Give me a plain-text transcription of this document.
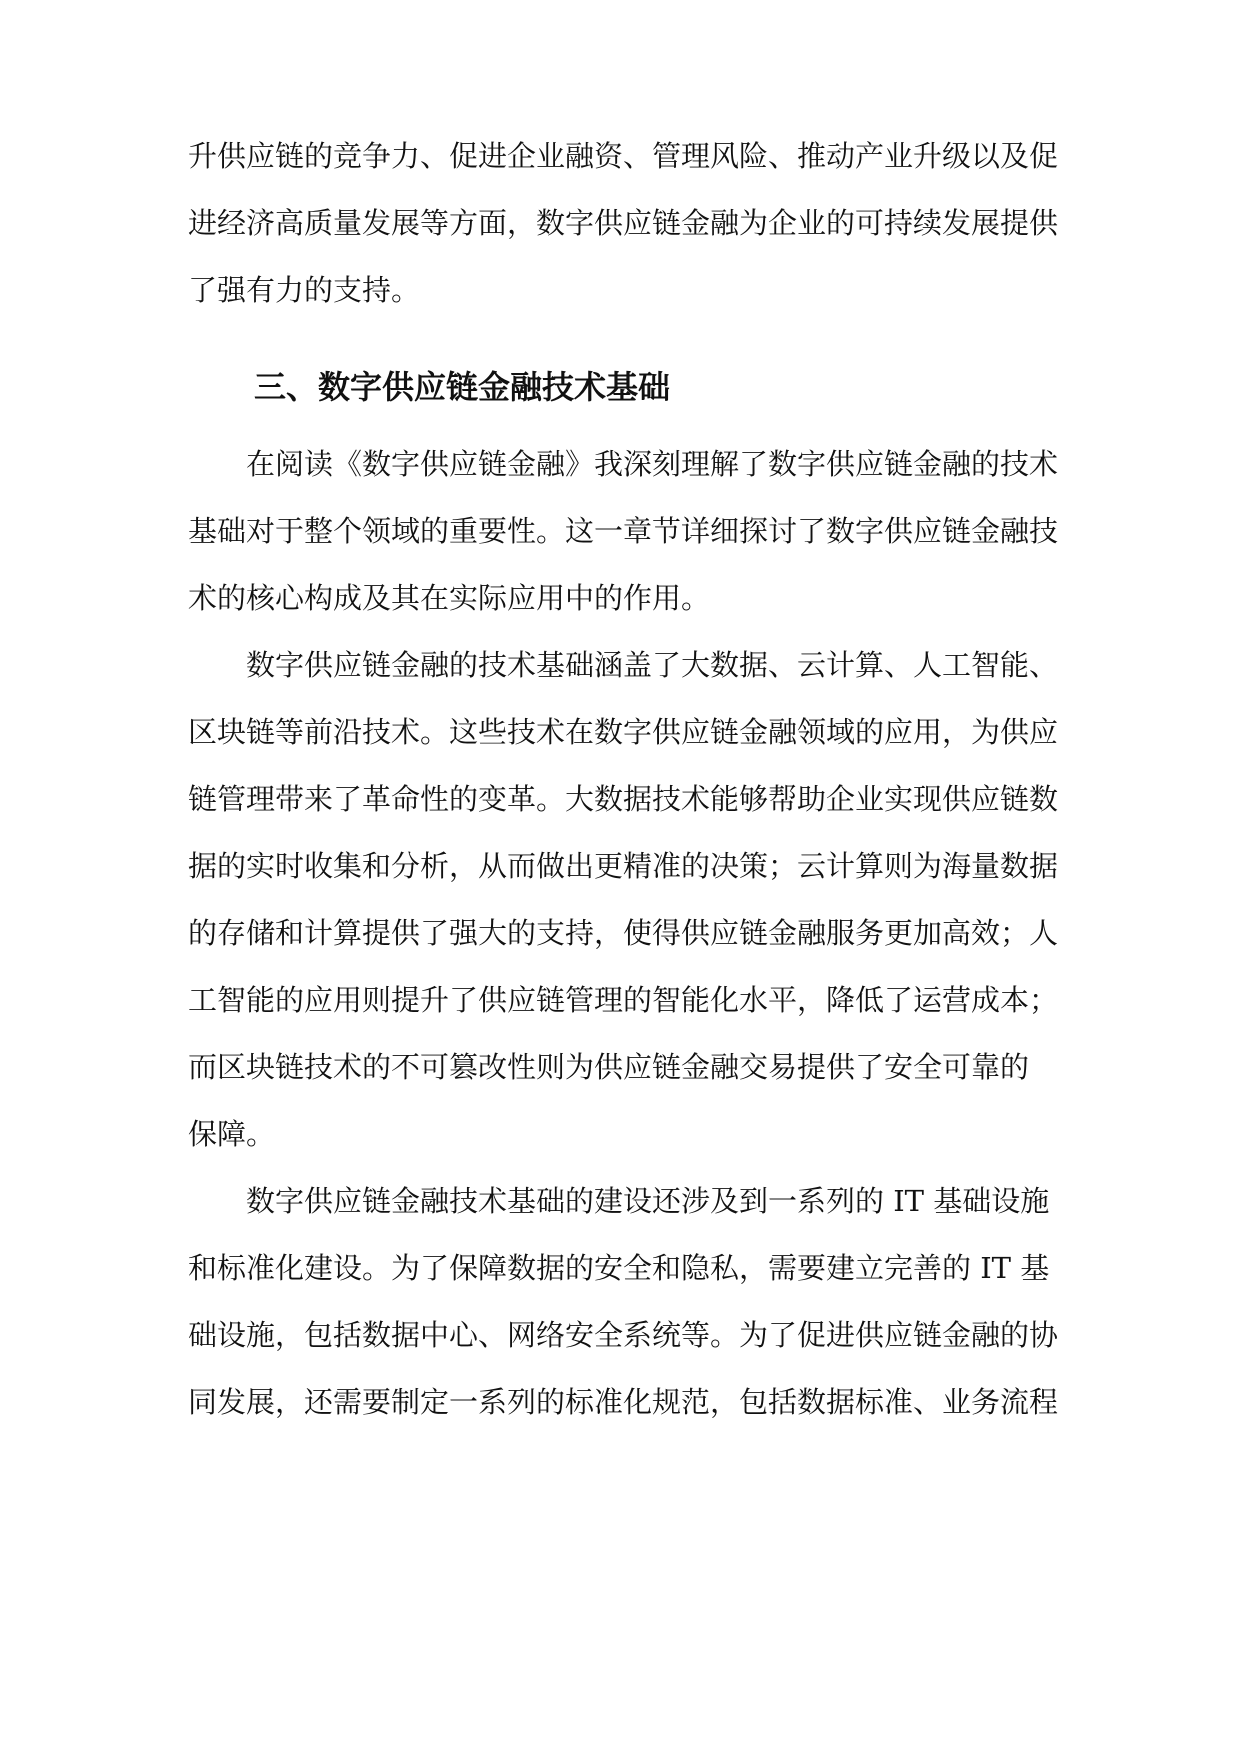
升供应链的竞争力、促进企业融资、管理风险、推动产业升级以及促
进经济高质量发展等方面，数字供应链金融为企业的可持续发展提供
了强有力的支持。
三、数字供应链金融技术基础
在阅读《数字供应链金融》我深刻理解了数字供应链金融的技术
基础对于整个领域的重要性。这一章节详细探讨了数字供应链金融技
术的核心构成及其在实际应用中的作用。
数字供应链金融的技术基础涵盖了大数据、云计算、人工智能、
区块链等前沿技术。这些技术在数字供应链金融领域的应用，为供应
链管理带来了革命性的变革。大数据技术能够帮助企业实现供应链数
据的实时收集和分析，从而做出更精准的决策；云计算则为海量数据
的存储和计算提供了强大的支持，使得供应链金融服务更加高效；人
工智能的应用则提升了供应链管理的智能化水平，降低了运营成本；
而区块链技术的不可篡改性则为供应链金融交易提供了安全可靠的
保障。
数字供应链金融技术基础的建设还涉及到一系列的 IT 基础设施
和标准化建设。为了保障数据的安全和隐私，需要建立完善的 IT 基
础设施，包括数据中心、网络安全系统等。为了促进供应链金融的协
同发展，还需要制定一系列的标准化规范，包括数据标准、业务流程
